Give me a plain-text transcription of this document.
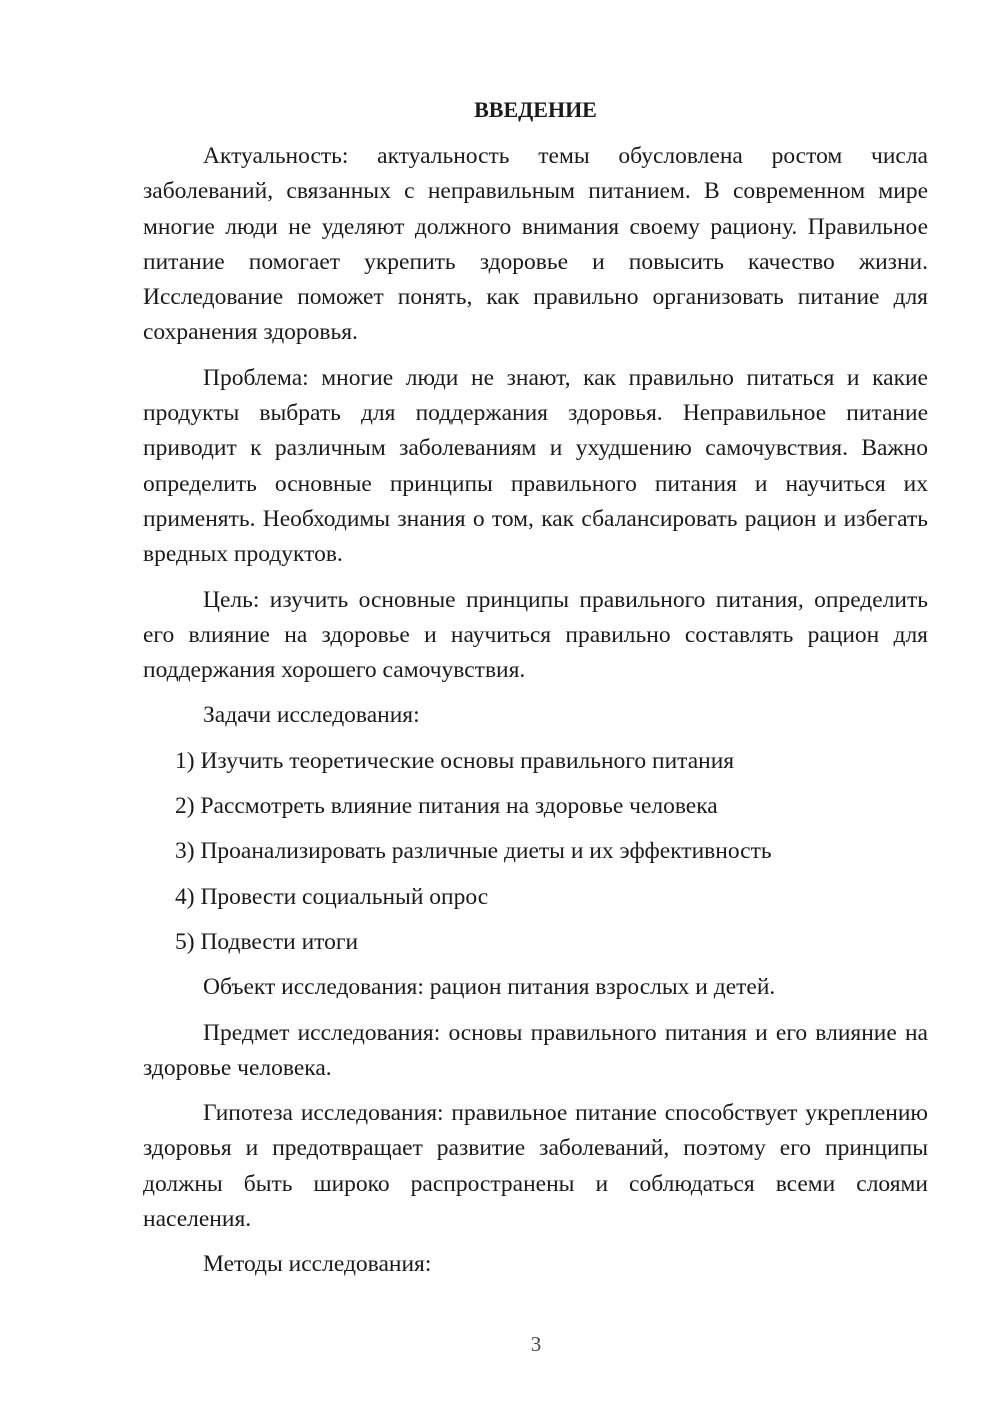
ВВЕДЕНИЕ

Актуальность: актуальность темы обусловлена ростом числа заболеваний, связанных с неправильным питанием. В современном мире многие люди не уделяют должного внимания своему рациону. Правильное питание помогает укрепить здоровье и повысить качество жизни. Исследование поможет понять, как правильно организовать питание для сохранения здоровья.

Проблема: многие люди не знают, как правильно питаться и какие продукты выбрать для поддержания здоровья. Неправильное питание приводит к различным заболеваниям и ухудшению самочувствия. Важно определить основные принципы правильного питания и научиться их применять. Необходимы знания о том, как сбалансировать рацион и избегать вредных продуктов.

Цель: изучить основные принципы правильного питания, определить его влияние на здоровье и научиться правильно составлять рацион для поддержания хорошего самочувствия.

Задачи исследования:

1) Изучить теоретические основы правильного питания
2) Рассмотреть влияние питания на здоровье человека
3) Проанализировать различные диеты и их эффективность
4) Провести социальный опрос
5) Подвести итоги

Объект исследования: рацион питания взрослых и детей.

Предмет исследования: основы правильного питания и его влияние на здоровье человека.

Гипотеза исследования: правильное питание способствует укреплению здоровья и предотвращает развитие заболеваний, поэтому его принципы должны быть широко распространены и соблюдаться всеми слоями населения.

Методы исследования:

3
